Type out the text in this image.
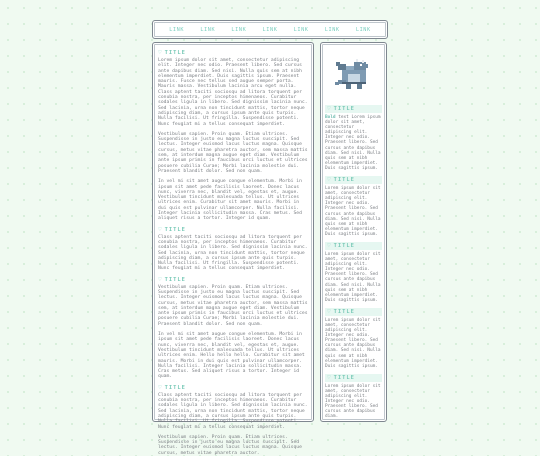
LINK	LINK	LINK	LINK	LINK	LINK	LINK
♡ TITLE

Lorem ipsum dolor sit amet, consectetur adipiscing elit. Integer nec odio. Praesent libero. Sed cursus ante dapibus diam. Sed nisi. Nulla quis sem at nibh elementum imperdiet. Duis sagittis ipsum. Praesent mauris. Fusce nec tellus sed augue semper porta. Mauris massa. Vestibulum lacinia arcu eget nulla. Class aptent taciti sociosqu ad litora torquent per conubia nostra, per inceptos himenaeos. Curabitur sodales ligula in libero. Sed dignissim lacinia nunc. Sed lacinia, urna non tincidunt mattis, tortor neque adipiscing diam, a cursus ipsum ante quis turpis. Nulla facilisi. Ut fringilla. Suspendisse potenti. Nunc feugiat mi a tellus consequat imperdiet.

Vestibulum sapien. Proin quam. Etiam ultrices. Suspendisse in justo eu magna luctus suscipit. Sed lectus. Integer euismod lacus luctus magna. Quisque cursus, metus vitae pharetra auctor, sem massa mattis sem, at interdum magna augue eget diam. Vestibulum ante ipsum primis in faucibus orci luctus et ultrices posuere cubilia Curae; Morbi lacinia molestie dui. Praesent blandit dolor. Sed non quam.

In vel mi sit amet augue congue elementum. Morbi in ipsum sit amet pede facilisis laoreet. Donec lacus nunc, viverra nec, blandit vel, egestas et, augue. Vestibulum tincidunt malesuada tellus. Ut ultrices ultrices enim. Curabitur sit amet mauris. Morbi in dui quis est pulvinar ullamcorper. Nulla facilisi. Integer lacinia sollicitudin massa. Cras metus. Sed aliquet risus a tortor. Integer id quam.

♡ TITLE

Class aptent taciti sociosqu ad litora torquent per conubia nostra, per inceptos himenaeos. Curabitur sodales ligula in libero. Sed dignissim lacinia nunc. Sed lacinia, urna non tincidunt mattis, tortor neque adipiscing diam, a cursus ipsum ante quis turpis. Nulla facilisi. Ut fringilla. Suspendisse potenti. Nunc feugiat mi a tellus consequat imperdiet.

♡ TITLE

Vestibulum sapien. Proin quam. Etiam ultrices. Suspendisse in justo eu magna luctus suscipit. Sed lectus. Integer euismod lacus luctus magna. Quisque cursus, metus vitae pharetra auctor, sem massa mattis sem, at interdum magna augue eget diam. Vestibulum ante ipsum primis in faucibus orci luctus et ultrices posuere cubilia Curae; Morbi lacinia molestie dui. Praesent blandit dolor. Sed non quam.

In vel mi sit amet augue congue elementum. Morbi in ipsum sit amet pede facilisis laoreet. Donec lacus nunc, viverra nec, blandit vel, egestas et, augue. Vestibulum tincidunt malesuada tellus. Ut ultrices ultrices enim. Hello hello hello. Curabitur sit amet mauris. Morbi in dui quis est pulvinar ullamcorper. Nulla facilisi. Integer lacinia sollicitudin massa. Cras metus. Sed aliquet risus a tortor. Integer id quam.

♡ TITLE

Class aptent taciti sociosqu ad litora torquent per conubia nostra, per inceptos himenaeos. Curabitur sodales ligula in libero. Sed dignissim lacinia nunc. Sed lacinia, urna non tincidunt mattis, tortor neque adipiscing diam, a cursus ipsum ante quis turpis. Nulla facilisi. Ut fringilla. Suspendisse potenti. Nunc feugiat mi a tellus consequat imperdiet.

Vestibulum sapien. Proin quam. Etiam ultrices. Suspendisse in justo eu magna luctus suscipit. Sed lectus. Integer euismod lacus luctus magna. Quisque cursus, metus vitae pharetra auctor.

♡ TITLE

Bold text Lorem ipsum dolor sit amet, consectetur adipiscing elit. Integer nec odio. Praesent libero. Sed cursus ante dapibus diam. Sed nisi. Nulla quis sem at nibh elementum imperdiet. Duis sagittis ipsum.

♡ TITLE

Lorem ipsum dolor sit amet, consectetur adipiscing elit. Integer nec odio. Praesent libero. Sed cursus ante dapibus diam. Sed nisi. Nulla quis sem at nibh elementum imperdiet. Duis sagittis ipsum.

♡ TITLE

Lorem ipsum dolor sit amet, consectetur adipiscing elit. Integer nec odio. Praesent libero. Sed cursus ante dapibus diam. Sed nisi. Nulla quis sem at nibh elementum imperdiet. Duis sagittis ipsum.

♡ TITLE

Lorem ipsum dolor sit amet, consectetur adipiscing elit. Integer nec odio. Praesent libero. Sed cursus ante dapibus diam. Sed nisi. Nulla quis sem at nibh elementum imperdiet. Duis sagittis ipsum.

♡ TITLE

Lorem ipsum dolor sit amet, consectetur adipiscing elit. Integer nec odio. Praesent libero. Sed cursus ante dapibus diam.
